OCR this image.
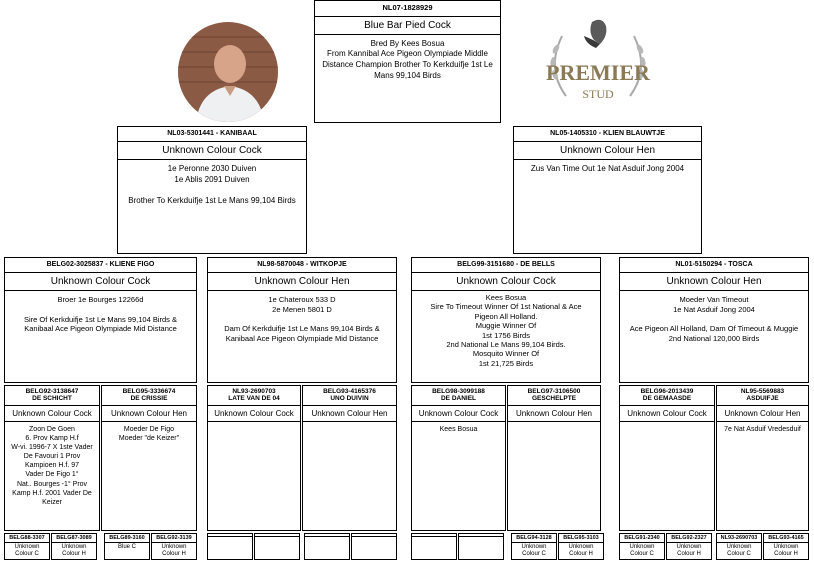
PREMIER
STUD
NL07-1828929
Blue Bar Pied Cock
Bred By Kees Bosua
From Kannibal Ace Pigeon Olympiade Middle Distance Champion Brother To Kerkduifje 1st Le Mans 99,104 Birds
NL03-5301441 - KANIBAAL
Unknown Colour Cock
1e Peronne 2030 Duiven
1e Ablis 2091 Duiven

Brother To Kerkduifje 1st Le Mans 99,104 Birds
NL05-1405310 - KLIEN BLAUWTJE
Unknown Colour Hen
Zus Van Time Out 1e Nat Asduif Jong 2004
BELG02-3025837 - KLIENE FIGO
Unknown Colour Cock
Broer 1e Bourges 12266d

Sire Of Kerkduifje 1st Le Mans 99,104 Birds & Kanibaal Ace Pigeon Olympiade Mid Distance
NL98-5870048 - WITKOPJE
Unknown Colour Hen
1e Chateroux 533 D
2e Menen 5801 D

Dam Of Kerkduifje 1st Le Mans 99,104 Birds & Kanibaal Ace Pigeon Olympiade Mid Distance
BELG99-3151680 - DE BELLS
Unknown Colour Cock
Kees Bosua
Sire To Timeout Winner Of 1st National & Ace Pigeon All Holland.
Muggie Winner Of
1st 1756 Birds
2nd National Le Mans 99,104 Birds.
Mosquito Winner Of
1st 21,725 Birds
NL01-5150294 - TOSCA
Unknown Colour Hen
Moeder Van Timeout
1e Nat Asduif Jong 2004

Ace Pigeon All Holland, Dam Of Timeout & Muggie 2nd National 120,000 Birds
BELG92-3138647
DE SCHICHT
Unknown Colour Cock
Zoon De Goen
6. Prov Kamp H.f
W-vi. 1996-7 X 1ste Vader De Favouri 1 Prov Kampioen H.f. 97
Vader De Figo 1°
Nat.. Bourges -1° Prov Kamp H.f. 2001 Vader De Keizer
BELG95-3336674
DE CRISSIE
Unknown Colour Hen
Moeder De Figo
Moeder "de Keizer"
NL93-2690703
LATE VAN DE 04
Unknown Colour Cock
BELG93-4165376
UNO DUIVIN
Unknown Colour Hen
BELG98-3099188
DE DANIEL
Unknown Colour Cock
Kees Bosua
BELG97-3106500
GESCHELPTE
Unknown Colour Hen
BELG96-2013439
DE GEMAASDE
Unknown Colour Cock
NL95-5569883
ASDUIFJE
Unknown Colour Hen
7e Nat Asduif Vredesduif
BELG88-3307
Unknown
Colour C
BELG87-3089
Unknown
Colour H
BELG89-3160
Blue C
BELG92-3139
Unknown
Colour H
BELG94-3128
Unknown
Colour C
BELG95-3103
Unknown
Colour H
BELG91-2340
Unknown
Colour C
BELG92-2327
Unknown
Colour H
NL93-2690703
Unknown
Colour C
BELG93-4165
Unknown
Colour H
